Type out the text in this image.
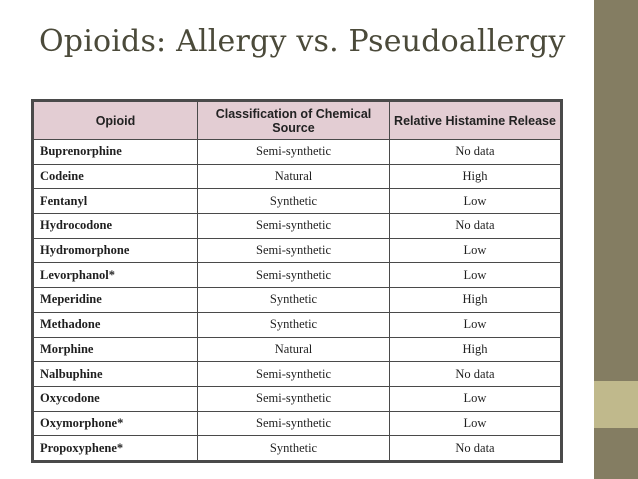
Opioids: Allergy vs. Pseudoallergy
Opioid	Classification of Chemical Source	Relative Histamine Release
Buprenorphine	Semi-synthetic	No data
Codeine	Natural	High
Fentanyl	Synthetic	Low
Hydrocodone	Semi-synthetic	No data
Hydromorphone	Semi-synthetic	Low
Levorphanol*	Semi-synthetic	Low
Meperidine	Synthetic	High
Methadone	Synthetic	Low
Morphine	Natural	High
Nalbuphine	Semi-synthetic	No data
Oxycodone	Semi-synthetic	Low
Oxymorphone*	Semi-synthetic	Low
Propoxyphene*	Synthetic	No data
